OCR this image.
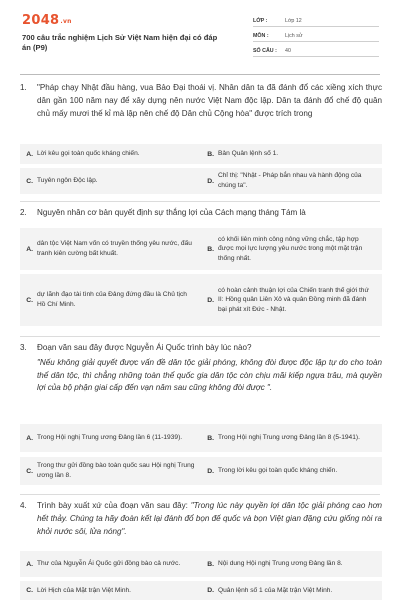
2048.vn
700 câu trắc nghiệm Lịch Sử Việt Nam hiện đại có đáp án (P9)
LỚP :	Lớp 12
MÔN :	Lịch sử
SỐ CÂU :	40
1.	"Pháp chạy Nhật đầu hàng, vua Bảo Đại thoái vị. Nhân dân ta đã đánh đổ các xiềng xích thực dân gần 100 năm nay để xây dựng nên nước Việt Nam độc lập. Dân ta đánh đổ chế độ quân chủ mấy mươi thế kỉ mà lập nên chế độ Dân chủ Cộng hòa" được trích trong
A. Lời kêu gọi toàn quốc kháng chiến.	B. Bản Quân lệnh số 1.
C. Tuyên ngôn Độc lập.	D.
Chỉ thị: "Nhật - Pháp bắn nhau và hành động của chúng ta".
2.	Nguyên nhân cơ bản quyết định sự thắng lợi của Cách mạng tháng Tám là
A.
dân tộc Việt Nam vốn có truyền thống yêu nước, đấu tranh kiên cường bất khuất.
B.
có khối liên minh công nông vững chắc, tập hợp được mọi lực lượng yêu nước trong một mặt trận thống nhất.
C.
dự lãnh đạo tài tình của Đảng đứng đầu là Chủ tịch Hồ Chí Minh.
D.
có hoàn cảnh thuận lợi của Chiến tranh thế giới thứ II: Hồng quân Liên Xô và quân Đồng minh đã đánh bại phát xít Đức - Nhật.
3.	Đoạn văn sau đây được Nguyễn Ái Quốc trình bày lúc nào?
"Nếu không giải quyết được vấn đề dân tộc giải phóng, không đòi được độc lập tự do cho toàn thể dân tộc, thì chẳng những toàn thể quốc gia dân tộc còn chịu mãi kiếp ngựa trâu, mà quyền lợi của bộ phận giai cấp đến vạn năm sau cũng không đòi được ".
A. Trong Hội nghị Trung ương Đảng lần 6 (11-1939).	B. Trong Hội nghị Trung ương Đảng lần 8 (5-1941).
C.
Trong thư gửi đồng bào toàn quốc sau Hội nghị Trung ương lần 8.
D. Trong lời kêu gọi toàn quốc kháng chiến.
4.	Trình bày xuất xứ của đoạn văn sau đây: "Trong lúc này quyền lợi dân tộc giải phóng cao hơn hết thảy. Chúng ta hãy đoàn kết lại đánh đổ bọn đế quốc và bọn Việt gian đặng cứu giống nòi ra khỏi nước sôi, lửa nóng".
A. Thư của Nguyễn Ái Quốc gửi đồng bào cả nước.	B. Nội dung Hội nghị Trung ương Đảng lần 8.
C. Lời Hịch của Mặt trận Việt Minh.	D. Quân lệnh số 1 của Mặt trận Việt Minh.
